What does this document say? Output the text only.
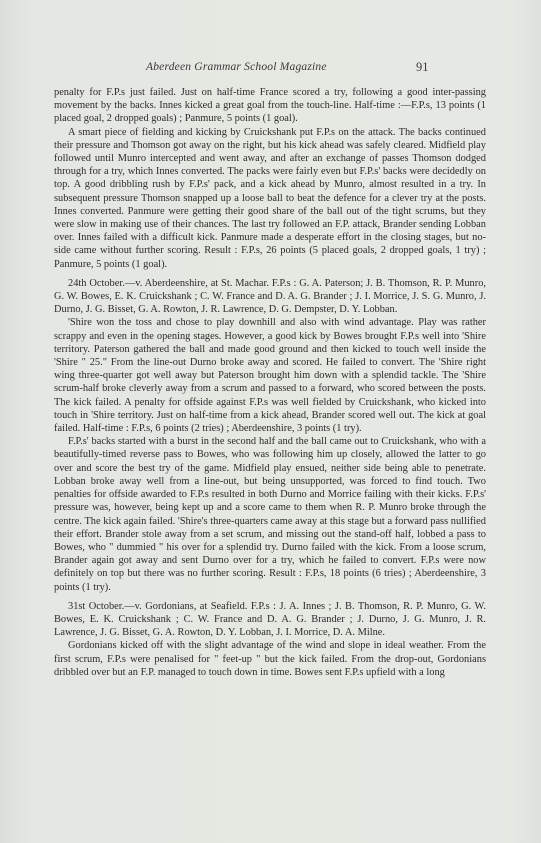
Aberdeen Grammar School Magazine	91

penalty for F.P.s just failed. Just on half-time France scored a try, following a good inter-passing movement by the backs. Innes kicked a great goal from the touch-line. Half-time :—F.P.s, 13 points (1 placed goal, 2 dropped goals) ; Panmure, 5 points (1 goal).

A smart piece of fielding and kicking by Cruickshank put F.P.s on the attack. The backs continued their pressure and Thomson got away on the right, but his kick ahead was safely cleared. Midfield play followed until Munro intercepted and went away, and after an exchange of passes Thomson dodged through for a try, which Innes converted. The packs were fairly even but F.P.s' backs were decidedly on top. A good dribbling rush by F.P.s' pack, and a kick ahead by Munro, almost resulted in a try. In subsequent pressure Thomson snapped up a loose ball to beat the defence for a clever try at the posts. Innes converted. Panmure were getting their good share of the ball out of the tight scrums, but they were slow in making use of their chances. The last try followed an F.P. attack, Brander sending Lobban over. Innes failed with a difficult kick. Panmure made a desperate effort in the closing stages, but no-side came without further scoring. Result : F.P.s, 26 points (5 placed goals, 2 dropped goals, 1 try) ; Panmure, 5 points (1 goal).

24th October.—v. Aberdeenshire, at St. Machar. F.P.s : G. A. Paterson; J. B. Thomson, R. P. Munro, G. W. Bowes, E. K. Cruickshank ; C. W. France and D. A. G. Brander ; J. I. Morrice, J. S. G. Munro, J. Durno, J. G. Bisset, G. A. Rowton, J. R. Lawrence, D. G. Dempster, D. Y. Lobban.

'Shire won the toss and chose to play downhill and also with wind advantage. Play was rather scrappy and even in the opening stages. However, a good kick by Bowes brought F.P.s well into 'Shire territory. Paterson gathered the ball and made good ground and then kicked to touch well inside the 'Shire " 25." From the line-out Durno broke away and scored. He failed to convert. The 'Shire right wing three-quarter got well away but Paterson brought him down with a splendid tackle. The 'Shire scrum-half broke cleverly away from a scrum and passed to a forward, who scored between the posts. The kick failed. A penalty for offside against F.P.s was well fielded by Cruickshank, who kicked into touch in 'Shire territory. Just on half-time from a kick ahead, Brander scored well out. The kick at goal failed. Half-time : F.P.s, 6 points (2 tries) ; Aberdeenshire, 3 points (1 try).

F.P.s' backs started with a burst in the second half and the ball came out to Cruickshank, who with a beautifully-timed reverse pass to Bowes, who was following him up closely, allowed the latter to go over and score the best try of the game. Midfield play ensued, neither side being able to penetrate. Lobban broke away well from a line-out, but being unsupported, was forced to find touch. Two penalties for offside awarded to F.P.s resulted in both Durno and Morrice failing with their kicks. F.P.s' pressure was, however, being kept up and a score came to them when R. P. Munro broke through the centre. The kick again failed. 'Shire's three-quarters came away at this stage but a forward pass nullified their effort. Brander stole away from a set scrum, and missing out the stand-off half, lobbed a pass to Bowes, who " dummied " his over for a splendid try. Durno failed with the kick. From a loose scrum, Brander again got away and sent Durno over for a try, which he failed to convert. F.P.s were now definitely on top but there was no further scoring. Result : F.P.s, 18 points (6 tries) ; Aberdeenshire, 3 points (1 try).

31st October.—v. Gordonians, at Seafield. F.P.s : J. A. Innes ; J. B. Thomson, R. P. Munro, G. W. Bowes, E. K. Cruickshank ; C. W. France and D. A. G. Brander ; J. Durno, J. G. Munro, J. R. Lawrence, J. G. Bisset, G. A. Rowton, D. Y. Lobban, J. I. Morrice, D. A. Milne.

Gordonians kicked off with the slight advantage of the wind and slope in ideal weather. From the first scrum, F.P.s were penalised for " feet-up " but the kick failed. From the drop-out, Gordonians dribbled over but an F.P. managed to touch down in time. Bowes sent F.P.s upfield with a long
